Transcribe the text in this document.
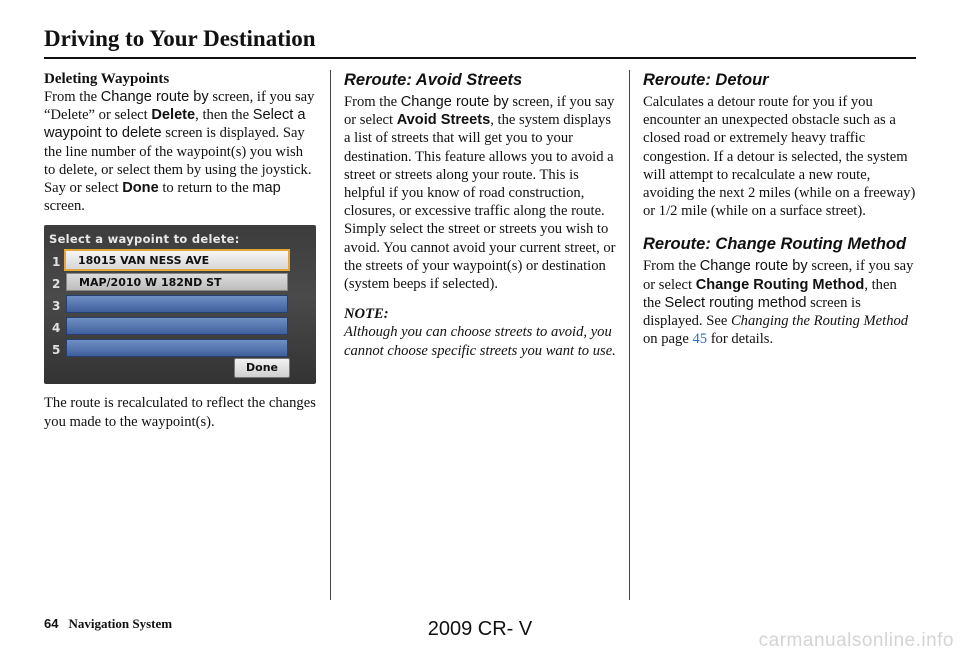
Driving to Your Destination
Deleting Waypoints

From the Change route by screen, if you say “Delete” or select Delete, then the Select a waypoint to delete screen is displayed. Say the line number of the waypoint(s) you wish to delete, or select them by using the joystick. Say or select Done to return to the map screen.

Select a waypoint to delete:
1	18015 VAN NESS AVE
2	MAP/2010 W 182ND ST
3
4
5
Done

The route is recalculated to reflect the changes you made to the waypoint(s).

Reroute: Avoid Streets

From the Change route by screen, if you say or select Avoid Streets, the system displays a list of streets that will get you to your destination. This feature allows you to avoid a street or streets along your route. This is helpful if you know of road construction, closures, or excessive traffic along the route. Simply select the street or streets you wish to avoid. You cannot avoid your current street, or the streets of your waypoint(s) or destination (system beeps if selected).

NOTE:

Although you can choose streets to avoid, you cannot choose specific streets you want to use.

Reroute: Detour

Calculates a detour route for you if you encounter an unexpected obstacle such as a closed road or extremely heavy traffic congestion. If a detour is selected, the system will attempt to recalculate a new route, avoiding the next 2 miles (while on a freeway) or 1/2 mile (while on a surface street).

Reroute: Change Routing Method

From the Change route by screen, if you say or select Change Routing Method, then the Select routing method screen is displayed. See Changing the Routing Method on page 45 for details.

64 Navigation System	2009 CR- V
carmanualsonline.info
